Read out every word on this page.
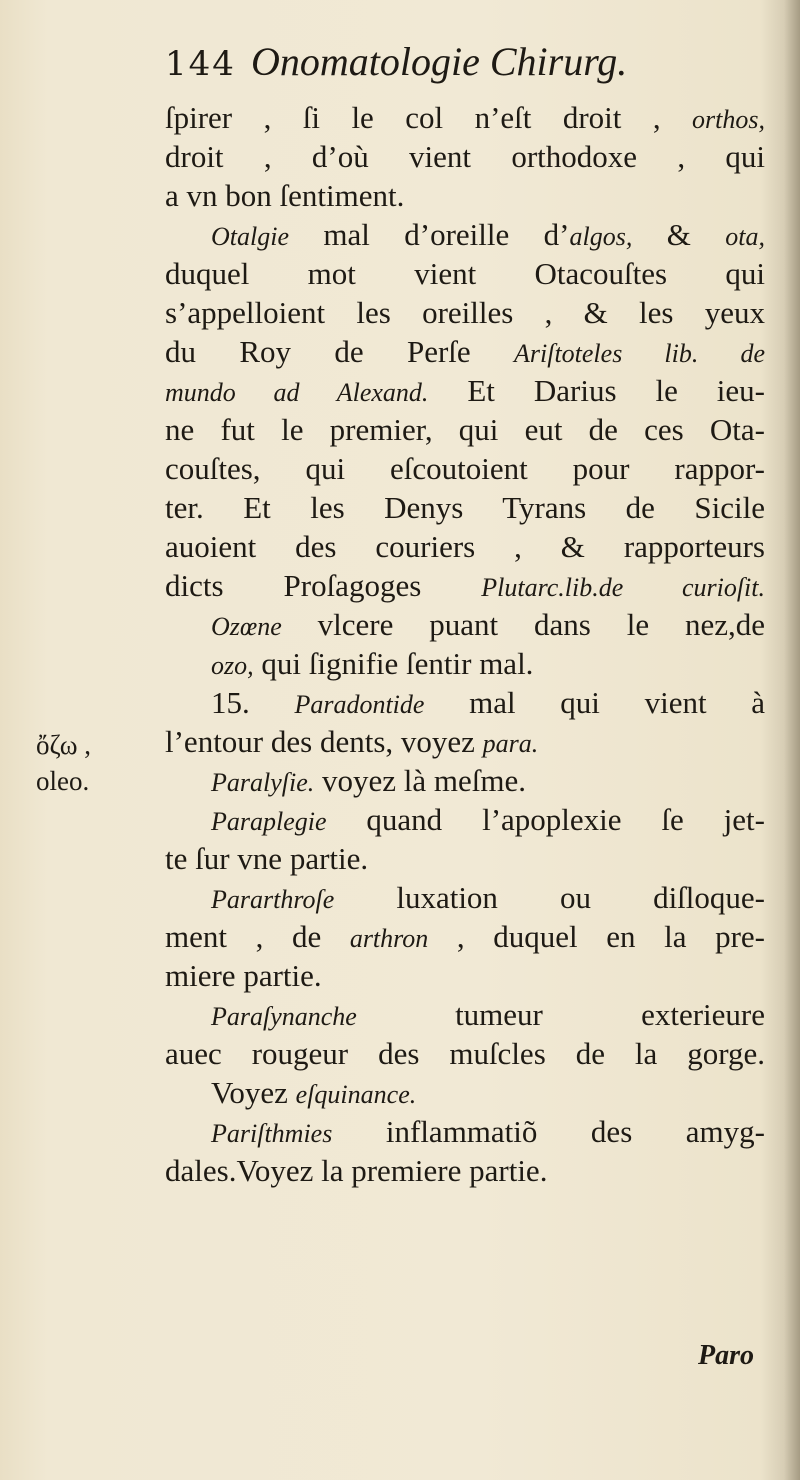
144 Onomatologie Chirurg.
ſpirer , ſi le col n’eſt droit , orthos,
droit , d’où vient orthodoxe , qui
a vn bon ſentiment.
Otalgie mal d’oreille d’algos, & ota,
duquel mot vient Otacouſtes qui
s’appelloient les oreilles , & les yeux
du Roy de Perſe Ariſtoteles lib. de
mundo ad Alexand. Et Darius le ieu-
ne fut le premier, qui eut de ces Ota-
couſtes, qui eſcoutoient pour rappor-
ter. Et les Denys Tyrans de Sicile
auoient des couriers , & rapporteurs
dicts Proſagoges Plutarc.lib.de curioſit.
Ozœne vlcere puant dans le nez,de
ozo, qui ſignifie ſentir mal.
15. Paradontide mal qui vient à
l’entour des dents, voyez para.
Paralyſie. voyez là meſme.
Paraplegie quand l’apoplexie ſe jet-
te ſur vne partie.
Pararthroſe luxation ou diſloque-
ment , de arthron , duquel en la pre-
miere partie.
Paraſynanche tumeur exterieure
auec rougeur des muſcles de la gorge.
Voyez eſquinance.
Pariſthmies inflammatiõ des amyg-
dales.Voyez la premiere partie.
ὄζω ,
oleo.
Paro
